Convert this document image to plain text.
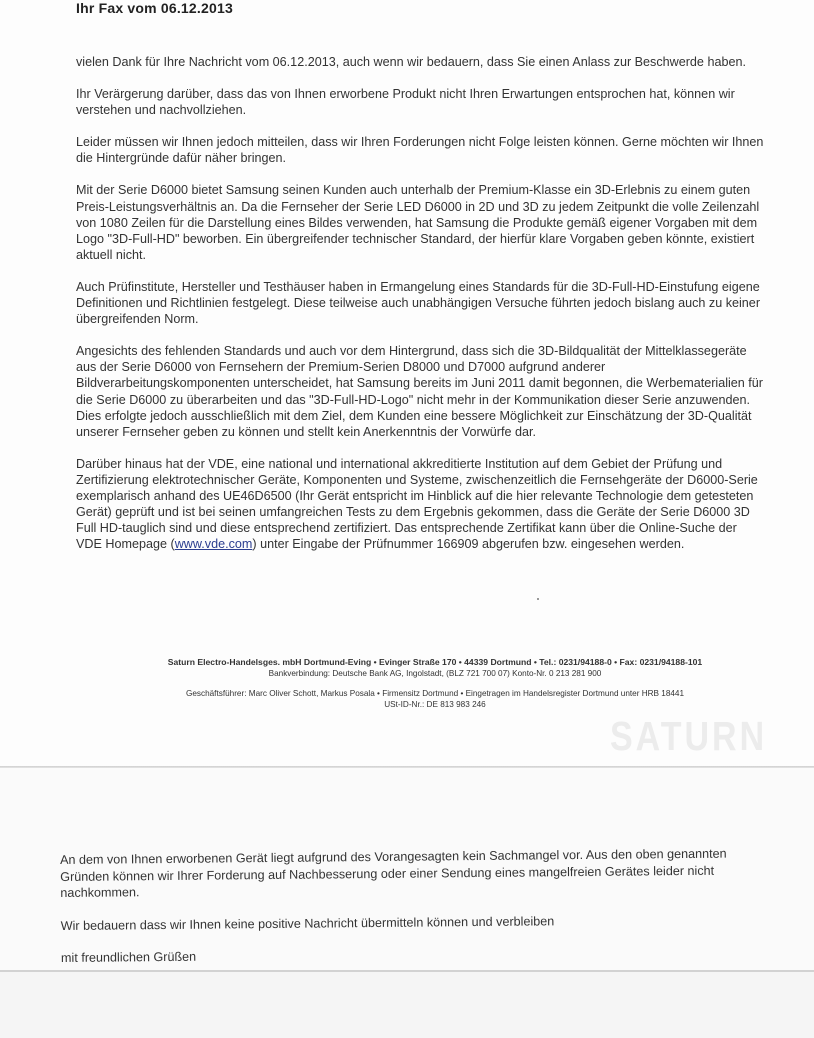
Ihr Fax vom 06.12.2013

vielen Dank für Ihre Nachricht vom 06.12.2013, auch wenn wir bedauern, dass Sie einen Anlass zur Beschwerde haben.

Ihr Verärgerung darüber, dass das von Ihnen erworbene Produkt nicht Ihren Erwartungen entsprochen hat, können wir verstehen und nachvollziehen.

Leider müssen wir Ihnen jedoch mitteilen, dass wir Ihren Forderungen nicht Folge leisten können. Gerne möchten wir Ihnen die Hintergründe dafür näher bringen.

Mit der Serie D6000 bietet Samsung seinen Kunden auch unterhalb der Premium-Klasse ein 3D-Erlebnis zu einem guten Preis-Leistungsverhältnis an. Da die Fernseher der Serie LED D6000 in 2D und 3D zu jedem Zeitpunkt die volle Zeilenzahl von 1080 Zeilen für die Darstellung eines Bildes verwenden, hat Samsung die Produkte gemäß eigener Vorgaben mit dem Logo "3D-Full-HD" beworben. Ein übergreifender technischer Standard, der hierfür klare Vorgaben geben könnte, existiert aktuell nicht.

Auch Prüfinstitute, Hersteller und Testhäuser haben in Ermangelung eines Standards für die 3D-Full-HD-Einstufung eigene Definitionen und Richtlinien festgelegt. Diese teilweise auch unabhängigen Versuche führten jedoch bislang auch zu keiner übergreifenden Norm.

Angesichts des fehlenden Standards und auch vor dem Hintergrund, dass sich die 3D-Bildqualität der Mittelklassegeräte aus der Serie D6000 von Fernsehern der Premium-Serien D8000 und D7000 aufgrund anderer Bildverarbeitungskomponenten unterscheidet, hat Samsung bereits im Juni 2011 damit begonnen, die Werbematerialien für die Serie D6000 zu überarbeiten und das "3D-Full-HD-Logo" nicht mehr in der Kommunikation dieser Serie anzuwenden.

Dies erfolgte jedoch ausschließlich mit dem Ziel, dem Kunden eine bessere Möglichkeit zur Einschätzung der 3D-Qualität unserer Fernseher geben zu können und stellt kein Anerkenntnis der Vorwürfe dar.

Darüber hinaus hat der VDE, eine national und international akkreditierte Institution auf dem Gebiet der Prüfung und Zertifizierung elektrotechnischer Geräte, Komponenten und Systeme, zwischenzeitlich die Fernsehgeräte der D6000-Serie exemplarisch anhand des UE46D6500 (Ihr Gerät entspricht im Hinblick auf die hier relevante Technologie dem getesteten Gerät) geprüft und ist bei seinen umfangreichen Tests zu dem Ergebnis gekommen, dass die Geräte der Serie D6000 3D Full HD-tauglich sind und diese entsprechend zertifiziert. Das entsprechende Zertifikat kann über die Online-Suche der VDE Homepage (www.vde.com) unter Eingabe der Prüfnummer 166909 abgerufen bzw. eingesehen werden.

Saturn Electro-Handelsges. mbH Dortmund-Eving • Evinger Straße 170 • 44339 Dortmund • Tel.: 0231/94188-0 • Fax: 0231/94188-101
Bankverbindung: Deutsche Bank AG, Ingolstadt, (BLZ 721 700 07) Konto-Nr. 0 213 281 900
Geschäftsführer: Marc Oliver Schott, Markus Posala • Firmensitz Dortmund • Eingetragen im Handelsregister Dortmund unter HRB 18441
USt-ID-Nr.: DE 813 983 246
SATURN

An dem von Ihnen erworbenen Gerät liegt aufgrund des Vorangesagten kein Sachmangel vor. Aus den oben genannten Gründen können wir Ihrer Forderung auf Nachbesserung oder einer Sendung eines mangelfreien Gerätes leider nicht nachkommen.

Wir bedauern dass wir Ihnen keine positive Nachricht übermitteln können und verbleiben

mit freundlichen Grüßen
